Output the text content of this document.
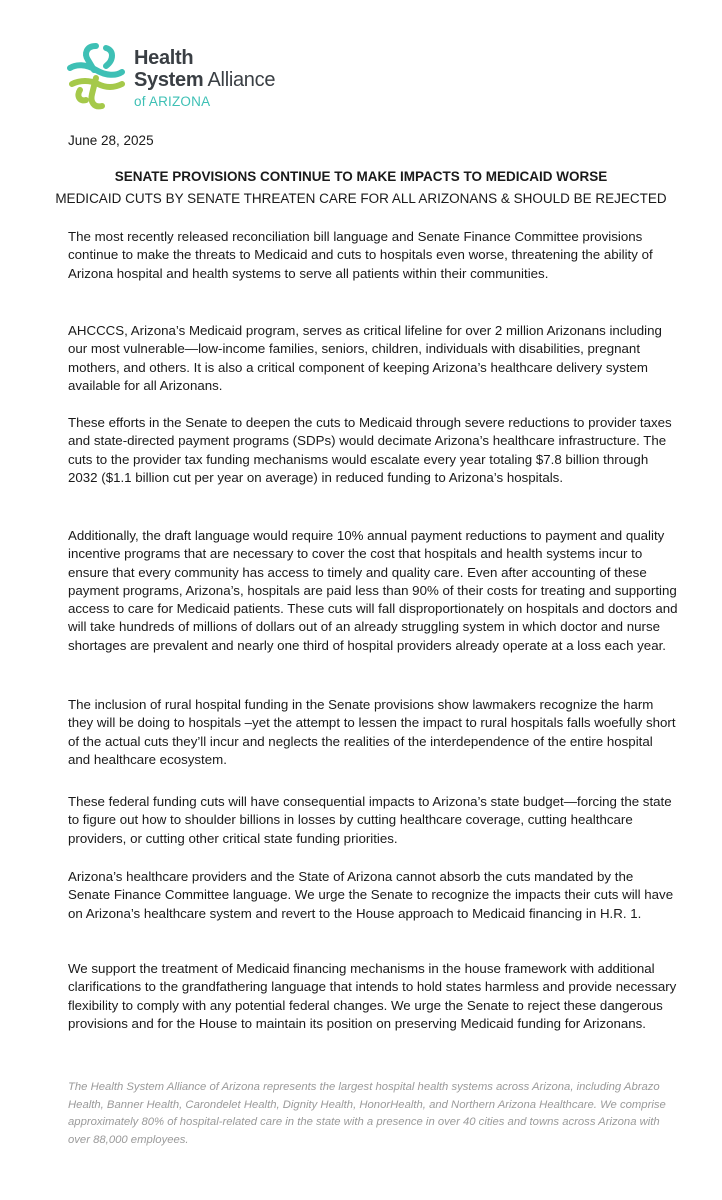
Health
System Alliance
of ARIZONA
June 28, 2025
SENATE PROVISIONS CONTINUE TO MAKE IMPACTS TO MEDICAID WORSE
MEDICAID CUTS BY SENATE THREATEN CARE FOR ALL ARIZONANS & SHOULD BE REJECTED

The most recently released reconciliation bill language and Senate Finance Committee provisions continue to make the threats to Medicaid and cuts to hospitals even worse, threatening the ability of Arizona hospital and health systems to serve all patients within their communities.

AHCCCS, Arizona’s Medicaid program, serves as critical lifeline for over 2 million Arizonans including our most vulnerable—low-income families, seniors, children, individuals with disabilities, pregnant mothers, and others. It is also a critical component of keeping Arizona’s healthcare delivery system available for all Arizonans.

These efforts in the Senate to deepen the cuts to Medicaid through severe reductions to provider taxes and state-directed payment programs (SDPs) would decimate Arizona’s healthcare infrastructure. The cuts to the provider tax funding mechanisms would escalate every year totaling $7.8 billion through 2032 ($1.1 billion cut per year on average) in reduced funding to Arizona’s hospitals.

Additionally, the draft language would require 10% annual payment reductions to payment and quality incentive programs that are necessary to cover the cost that hospitals and health systems incur to ensure that every community has access to timely and quality care. Even after accounting of these payment programs, Arizona’s, hospitals are paid less than 90% of their costs for treating and supporting access to care for Medicaid patients. These cuts will fall disproportionately on hospitals and doctors and will take hundreds of millions of dollars out of an already struggling system in which doctor and nurse shortages are prevalent and nearly one third of hospital providers already operate at a loss each year.

The inclusion of rural hospital funding in the Senate provisions show lawmakers recognize the harm they will be doing to hospitals –yet the attempt to lessen the impact to rural hospitals falls woefully short of the actual cuts they’ll incur and neglects the realities of the interdependence of the entire hospital and healthcare ecosystem.

These federal funding cuts will have consequential impacts to Arizona’s state budget—forcing the state to figure out how to shoulder billions in losses by cutting healthcare coverage, cutting healthcare providers, or cutting other critical state funding priorities.

Arizona’s healthcare providers and the State of Arizona cannot absorb the cuts mandated by the Senate Finance Committee language. We urge the Senate to recognize the impacts their cuts will have on Arizona’s healthcare system and revert to the House approach to Medicaid financing in H.R. 1.

We support the treatment of Medicaid financing mechanisms in the house framework with additional clarifications to the grandfathering language that intends to hold states harmless and provide necessary flexibility to comply with any potential federal changes. We urge the Senate to reject these dangerous provisions and for the House to maintain its position on preserving Medicaid funding for Arizonans.

The Health System Alliance of Arizona represents the largest hospital health systems across Arizona, including Abrazo Health, Banner Health, Carondelet Health, Dignity Health, HonorHealth, and Northern Arizona Healthcare. We comprise approximately 80% of hospital-related care in the state with a presence in over 40 cities and towns across Arizona with over 88,000 employees.
